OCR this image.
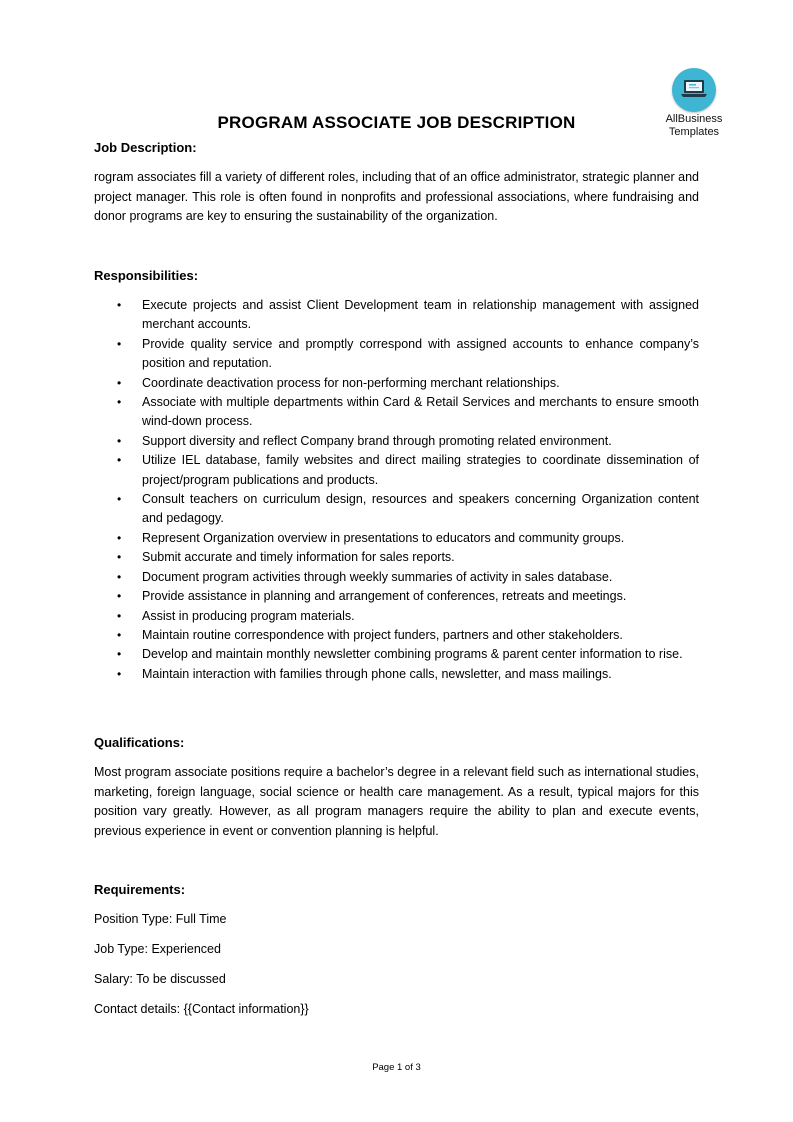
AllBusiness
Templates
PROGRAM ASSOCIATE JOB DESCRIPTION
Job Description:

rogram associates fill a variety of different roles, including that of an office administrator, strategic planner and project manager. This role is often found in nonprofits and professional associations, where fundraising and donor programs are key to ensuring the sustainability of the organization.

Responsibilities:
• Execute projects and assist Client Development team in relationship management with assigned merchant accounts.
• Provide quality service and promptly correspond with assigned accounts to enhance company’s position and reputation.
• Coordinate deactivation process for non-performing merchant relationships.
• Associate with multiple departments within Card & Retail Services and merchants to ensure smooth wind-down process.
• Support diversity and reflect Company brand through promoting related environment.
• Utilize IEL database, family websites and direct mailing strategies to coordinate dissemination of project/program publications and products.
• Consult teachers on curriculum design, resources and speakers concerning Organization content and pedagogy.
• Represent Organization overview in presentations to educators and community groups.
• Submit accurate and timely information for sales reports.
• Document program activities through weekly summaries of activity in sales database.
• Provide assistance in planning and arrangement of conferences, retreats and meetings.
• Assist in producing program materials.
• Maintain routine correspondence with project funders, partners and other stakeholders.
• Develop and maintain monthly newsletter combining programs & parent center information to rise.
• Maintain interaction with families through phone calls, newsletter, and mass mailings.
Qualifications:

Most program associate positions require a bachelor’s degree in a relevant field such as international studies, marketing, foreign language, social science or health care management. As a result, typical majors for this position vary greatly. However, as all program managers require the ability to plan and execute events, previous experience in event or convention planning is helpful.

Requirements:
Position Type: Full Time
Job Type: Experienced
Salary: To be discussed
Contact details: {{Contact information}}
Page 1 of 3
